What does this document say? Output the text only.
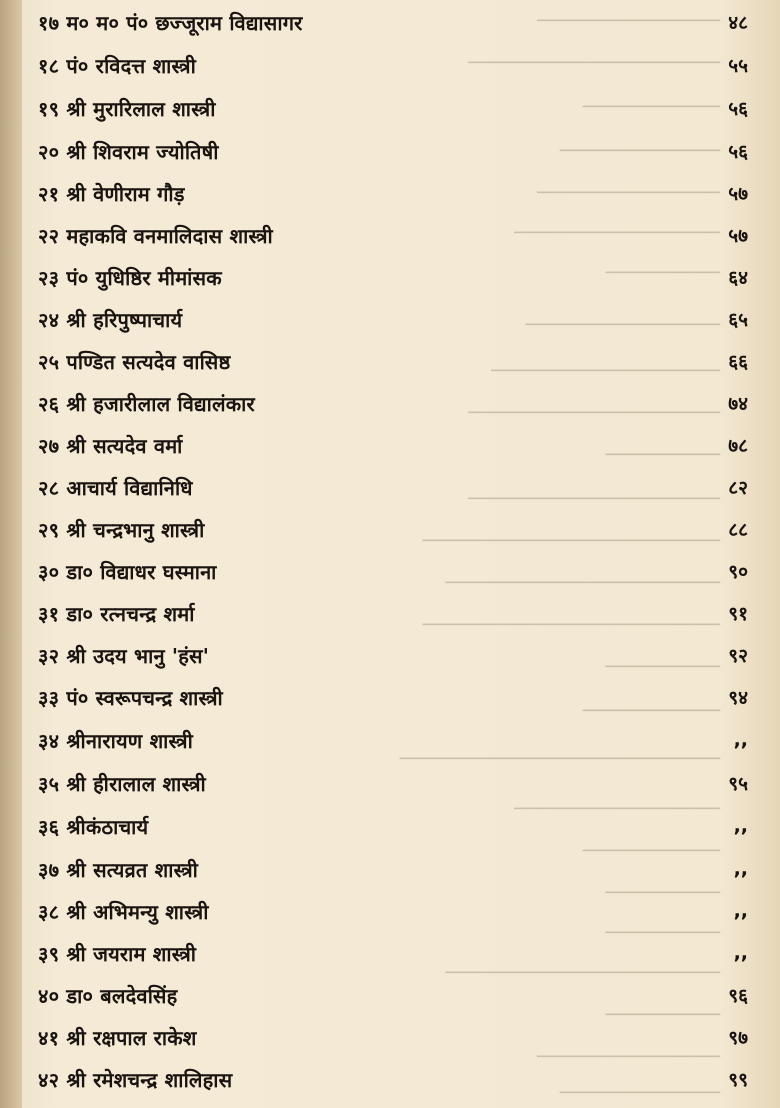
────────────────
──────────────────────
────────────
──────────────
────────────────
──────────────────
──────────
─────────────────
────────────────────
──────────────────────
──────────
──────────────────────
──────────────────────────
────────────────────────
──────────────────────────
──────────
────────────
────────────────────────────
──────────────────
────────────
──────────
──────────
────────────────────────
──────────
────────────────
──────────────
१७ म० म० पं० छज्जूराम विद्यासागर	४८
१८ पं० रविदत्त शास्त्री	५५
१९ श्री मुरारिलाल शास्त्री	५६
२० श्री शिवराम ज्योतिषी	५६
२१ श्री वेणीराम गौड़	५७
२२ महाकवि वनमालिदास शास्त्री	५७
२३ पं० युधिष्ठिर मीमांसक	६४
२४ श्री हरिपुष्पाचार्य	६५
२५ पण्डित सत्यदेव वासिष्ठ	६६
२६ श्री हजारीलाल विद्यालंकार	७४
२७ श्री सत्यदेव वर्मा	७८
२८ आचार्य विद्यानिधि	८२
२९ श्री चन्द्रभानु शास्त्री	८८
३० डा० विद्याधर घस्माना	९०
३१ डा० रत्नचन्द्र शर्मा	९१
३२ श्री उदय भानु 'हंस'	९२
३३ पं० स्वरूपचन्द्र शास्त्री	९४
३४ श्रीनारायण शास्त्री	,,
३५ श्री हीरालाल शास्त्री	९५
३६ श्रीकंठाचार्य	,,
३७ श्री सत्यव्रत शास्त्री	,,
३८ श्री अभिमन्यु शास्त्री	,,
३९ श्री जयराम शास्त्री	,,
४० डा० बलदेवसिंह	९६
४१ श्री रक्षपाल राकेश	९७
४२ श्री रमेशचन्द्र शालिहास	९९
